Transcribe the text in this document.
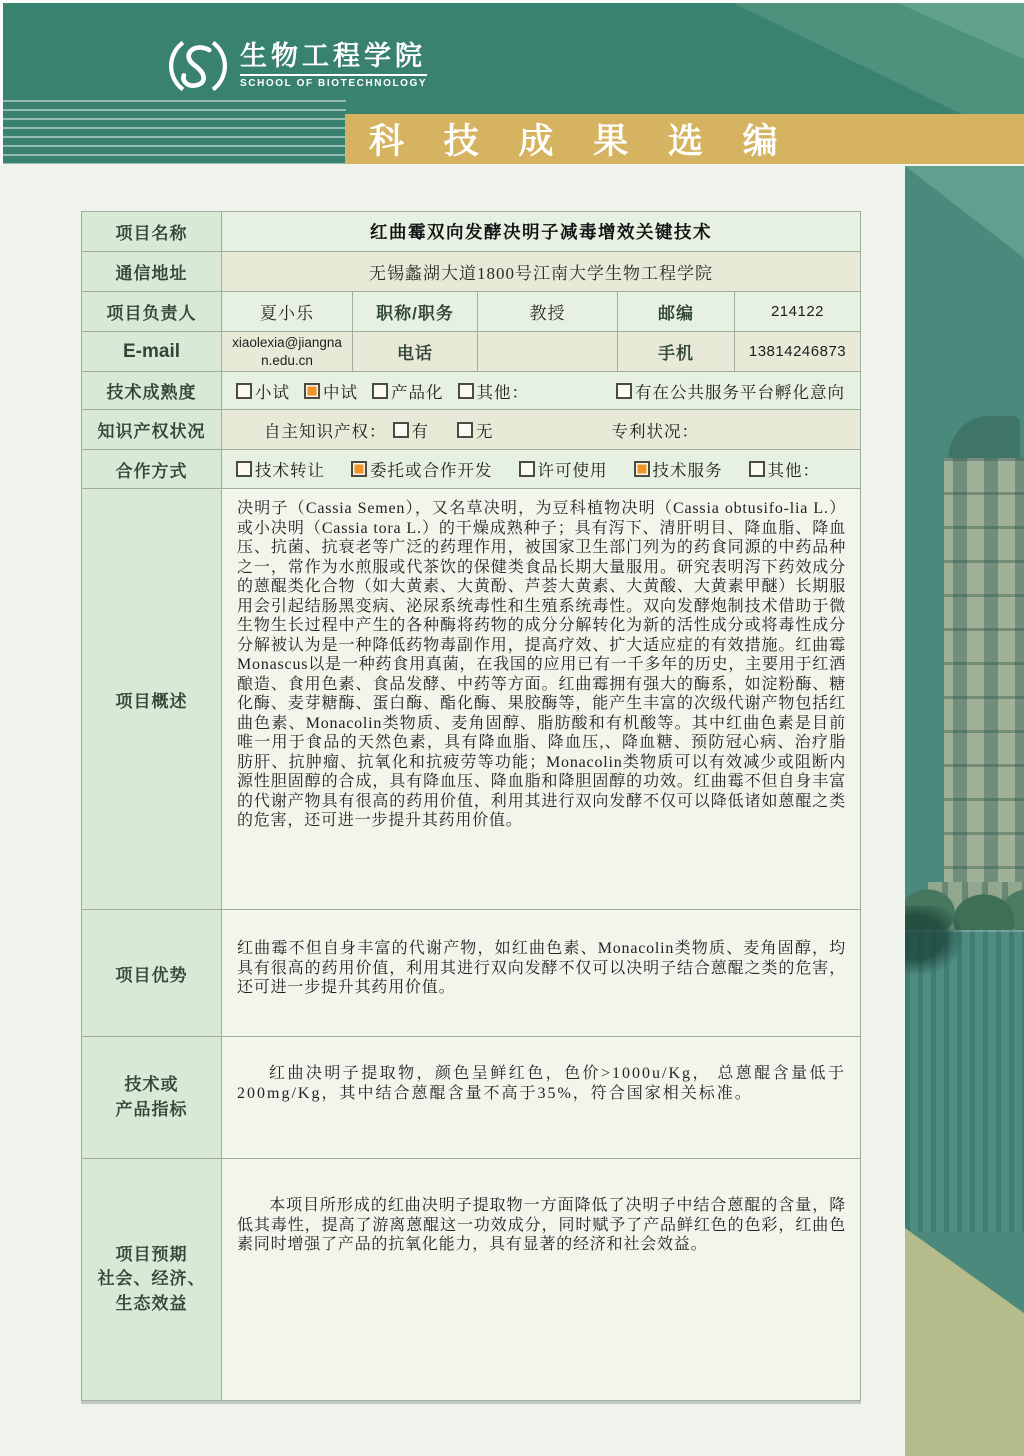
生物工程学院
SCHOOL OF BIOTECHNOLOGY
科 技 成 果 选 编
项目名称	红曲霉双向发酵决明子减毒增效关键技术				
通信地址	无锡蠡湖大道1800号江南大学生物工程学院				
项目负责人	夏小乐	职称/职务	教授	邮编	214122
E-mail	xiaolexia@jiangnan.edu.cn	电话		手机	13814246873
技术成熟度	小试 中试 产品化 其他： 有在公共服务平台孵化意向				

知识产权状况	自主知识产权： 有 无 专利状况：				

合作方式	技术转让 委托或合作开发 许可使用 技术服务 其他：				

项目概述	决明子（Cassia Semen），又名草决明，为豆科植物决明（Cassia obtusifo-lia L.）或小决明（Cassia tora L.）的干燥成熟种子；具有泻下、清肝明目、降血脂、降血压、抗菌、抗衰老等广泛的药理作用，被国家卫生部门列为的药食同源的中药品种之一，常作为水煎服或代茶饮的保健类食品长期大量服用。研究表明泻下药效成分的蒽醌类化合物（如大黄素、大黄酚、芦荟大黄素、大黄酸、大黄素甲醚）长期服用会引起结肠黑变病、泌尿系统毒性和生殖系统毒性。双向发酵炮制技术借助于微生物生长过程中产生的各种酶将药物的成分分解转化为新的活性成分或将毒性成分分解被认为是一种降低药物毒副作用，提高疗效、扩大适应症的有效措施。红曲霉Monascus以是一种药食用真菌，在我国的应用已有一千多年的历史，主要用于红酒酿造、食用色素、食品发酵、中药等方面。红曲霉拥有强大的酶系，如淀粉酶、糖化酶、麦芽糖酶、蛋白酶、酯化酶、果胶酶等，能产生丰富的次级代谢产物包括红曲色素、Monacolin类物质、麦角固醇、脂肪酸和有机酸等。其中红曲色素是目前唯一用于食品的天然色素，具有降血脂、降血压,、降血糖、预防冠心病、治疗脂肪肝、抗肿瘤、抗氧化和抗疲劳等功能；Monacolin类物质可以有效减少或阻断内源性胆固醇的合成，具有降血压、降血脂和降胆固醇的功效。红曲霉不但自身丰富的代谢产物具有很高的药用价值，利用其进行双向发酵不仅可以降低诸如蒽醌之类的危害，还可进一步提升其药用价值。				

项目优势	红曲霉不但自身丰富的代谢产物，如红曲色素、Monacolin类物质、麦角固醇，均具有很高的药用价值，利用其进行双向发酵不仅可以决明子结合蒽醌之类的危害，还可进一步提升其药用价值。				

技术或
产品指标	红曲决明子提取物，颜色呈鲜红色，色价>1000u/Kg， 总蒽醌含量低于200mg/Kg，其中结合蒽醌含量不高于35%，符合国家相关标准。				

项目预期
社会、经济、
生态效益	本项目所形成的红曲决明子提取物一方面降低了决明子中结合蒽醌的含量，降低其毒性，提高了游离蒽醌这一功效成分，同时赋予了产品鲜红色的色彩，红曲色素同时增强了产品的抗氧化能力，具有显著的经济和社会效益。				
